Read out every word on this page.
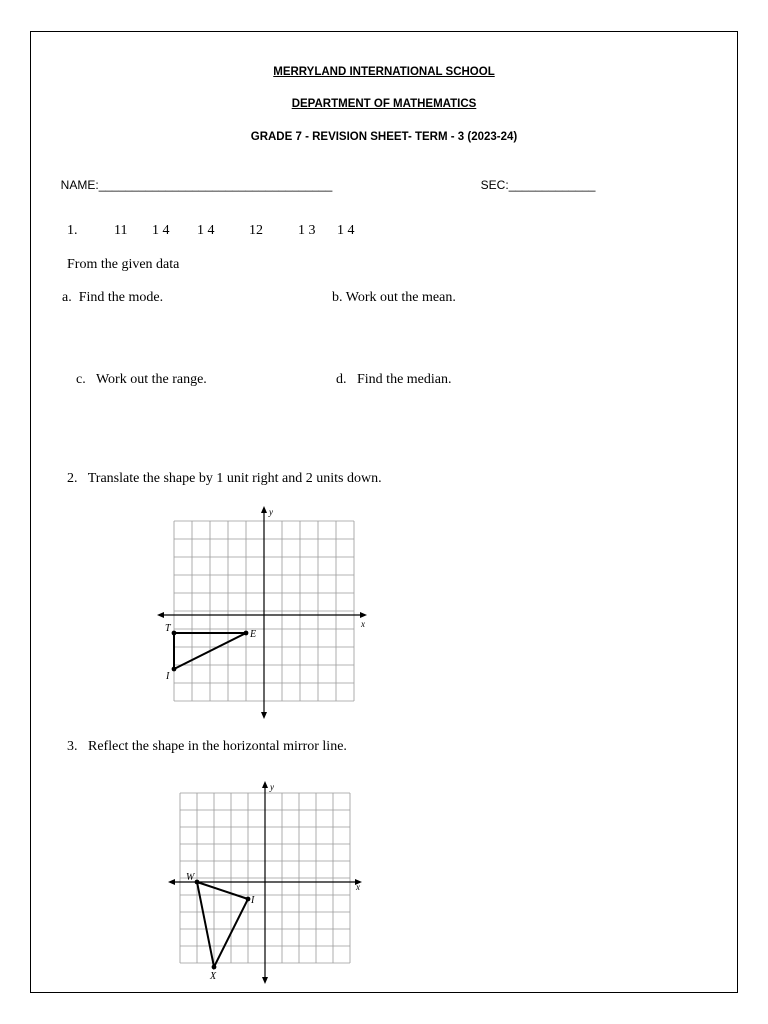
MERRYLAND INTERNATIONAL SCHOOL
DEPARTMENT OF MATHEMATICS
GRADE 7 - REVISION SHEET- TERM - 3 (2023-24)

NAME:___________________________________	SEC:_____________

1.	11 1 4 1 4 12	1 3 1 4
From the given data
a.  Find the mode.	b. Work out the mean.
c.   Work out the range.	d.   Find the median.
2.   Translate the shape by 1 unit right and 2 units down.
x
y
T
E
I
3.   Reflect the shape in the horizontal mirror line.
x
y
W
I
X
